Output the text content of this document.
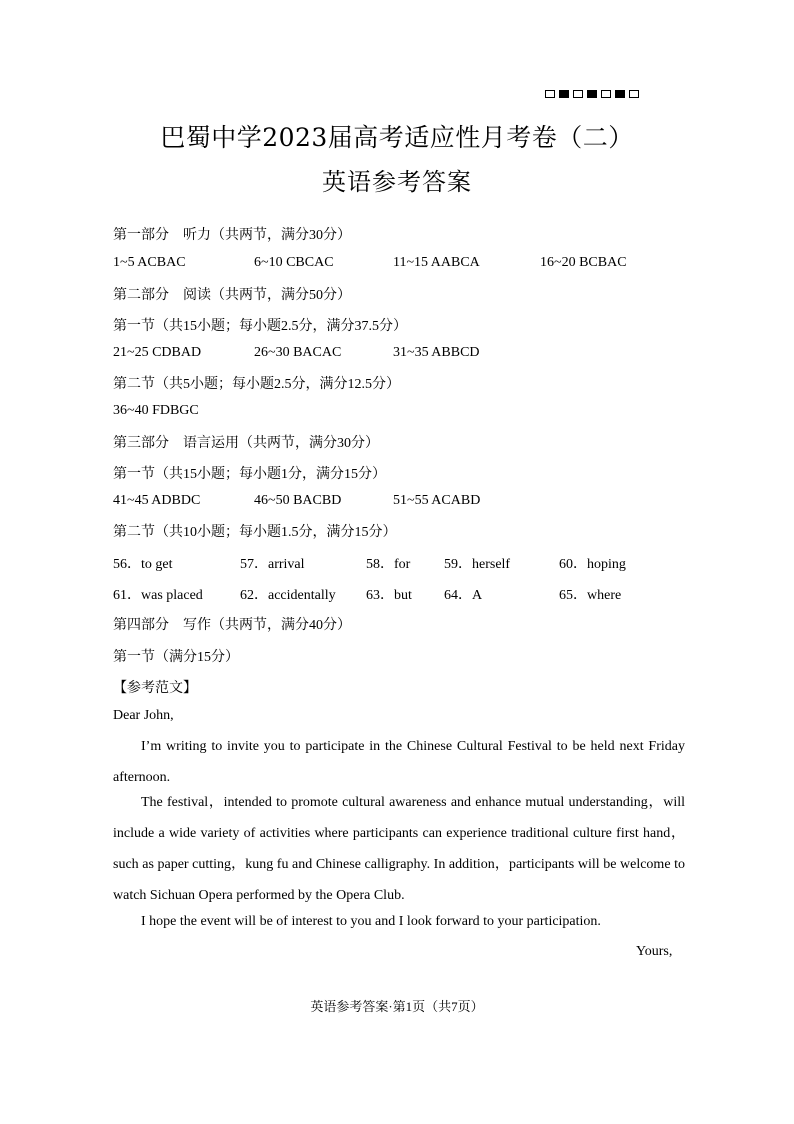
巴蜀中学2023届高考适应性月考卷（二）
英语参考答案
第一部分　听力（共两节，满分30分）
1~5 ACBAC	6~10 CBCAC	11~15 AABCA	16~20 BCBAC
第二部分　阅读（共两节，满分50分）
第一节（共15小题；每小题2.5分，满分37.5分）
21~25 CDBAD	26~30 BACAC	31~35 ABBCD
第二节（共5小题；每小题2.5分，满分12.5分）
36~40 FDBGC
第三部分　语言运用（共两节，满分30分）
第一节（共15小题；每小题1分，满分15分）
41~45 ADBDC	46~50 BACBD	51~55 ACABD
第二节（共10小题；每小题1.5分，满分15分）
56．to get	57．arrival	58．for 59．herself	60．hoping
61．was placed	62．accidentally 63．but 64．A	65．where
第四部分　写作（共两节，满分40分）
第一节（满分15分）
【参考范文】
Dear John,
I’m writing to invite you to participate in the Chinese Cultural Festival to be held next Friday afternoon.
The festival，intended to promote cultural awareness and enhance mutual understanding，will include a wide variety of activities where participants can experience traditional culture first hand，such as paper cutting，kung fu and Chinese calligraphy. In addition，participants will be welcome to watch Sichuan Opera performed by the Opera Club.
I hope the event will be of interest to you and I look forward to your participation.
Yours,
英语参考答案·第1页（共7页）
